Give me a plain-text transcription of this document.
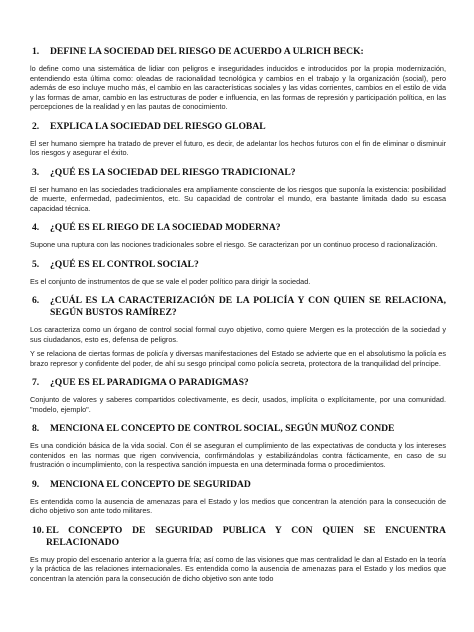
1.	DEFINE LA SOCIEDAD DEL RIESGO DE ACUERDO A ULRICH BECK:

lo define como una sistemática de lidiar con peligros e inseguridades inducidos e introducidos por la propia modernización, entendiendo esta última como: oleadas de racionalidad tecnológica y cambios en el trabajo y la organización (social), pero además de eso incluye mucho más, el cambio en las características sociales y las vidas corrientes, cambios en el estilo de vida y las formas de amar, cambio en las estructuras de poder e influencia, en las formas de represión y participación política, en las percepciones de la realidad y en las pautas de conocimiento.

2.	EXPLICA LA SOCIEDAD DEL RIESGO GLOBAL

El ser humano siempre ha tratado de prever el futuro, es decir, de adelantar los hechos futuros con el fin de eliminar o disminuir los riesgos y asegurar el éxito.

3.	¿QUÉ ES LA SOCIEDAD DEL RIESGO TRADICIONAL?

El ser humano en las sociedades tradicionales era ampliamente consciente de los riesgos que suponía la existencia: posibilidad de muerte, enfermedad, padecimientos, etc. Su capacidad de controlar el mundo, era bastante limitada dado su escasa capacidad técnica.

4.	¿QUÉ ES EL RIEGO DE LA SOCIEDAD MODERNA?

Supone una ruptura con las nociones tradicionales sobre el riesgo. Se caracterizan por un continuo proceso d racionalización.

5.	¿QUÉ ES EL CONTROL SOCIAL?

Es el conjunto de instrumentos de que se vale el poder político para dirigir la sociedad.

6.	¿CUÁL ES LA CARACTERIZACIÓN DE LA POLICÍA Y CON QUIEN SE RELACIONA, SEGÚN BUSTOS RAMÍREZ?

Los caracteriza como un órgano de control social formal cuyo objetivo, como quiere Mergen es la protección de la sociedad y sus ciudadanos, esto es, defensa de peligros.

Y se relaciona de ciertas formas de policía y diversas manifestaciones del Estado se advierte que en el absolutismo la policía es brazo represor y confidente del poder, de ahí su sesgo principal como policía secreta, protectora de la tranquilidad del príncipe.

7.	¿QUE ES EL PARADIGMA O PARADIGMAS?

Conjunto de valores y saberes compartidos colectivamente, es decir, usados, implícita o explícitamente, por una comunidad. "modelo, ejemplo".

8.	MENCIONA EL CONCEPTO DE CONTROL SOCIAL, SEGÚN MUÑOZ CONDE

Es una condición básica de la vida social. Con él se aseguran el cumplimiento de las expectativas de conducta y los intereses contenidos en las normas que rigen convivencia, confirmándolas y estabilizándolas contra fácticamente, en caso de su frustración o incumplimiento, con la respectiva sanción impuesta en una determinada forma o procedimientos.

9.	MENCIONA EL CONCEPTO DE SEGURIDAD

Es entendida como la ausencia de amenazas para el Estado y los medios que concentran la atención para la consecución de dicho objetivo son ante todo militares.

10. EL CONCEPTO DE SEGURIDAD PUBLICA Y CON QUIEN SE ENCUENTRA RELACIONADO

Es muy propio del escenario anterior a la guerra fría; así como de las visiones que mas centralidad le dan al Estado en la teoría y la práctica de las relaciones internacionales. Es entendida como la ausencia de amenazas para el Estado y los medios que concentran la atención para la consecución de dicho objetivo son ante todo
